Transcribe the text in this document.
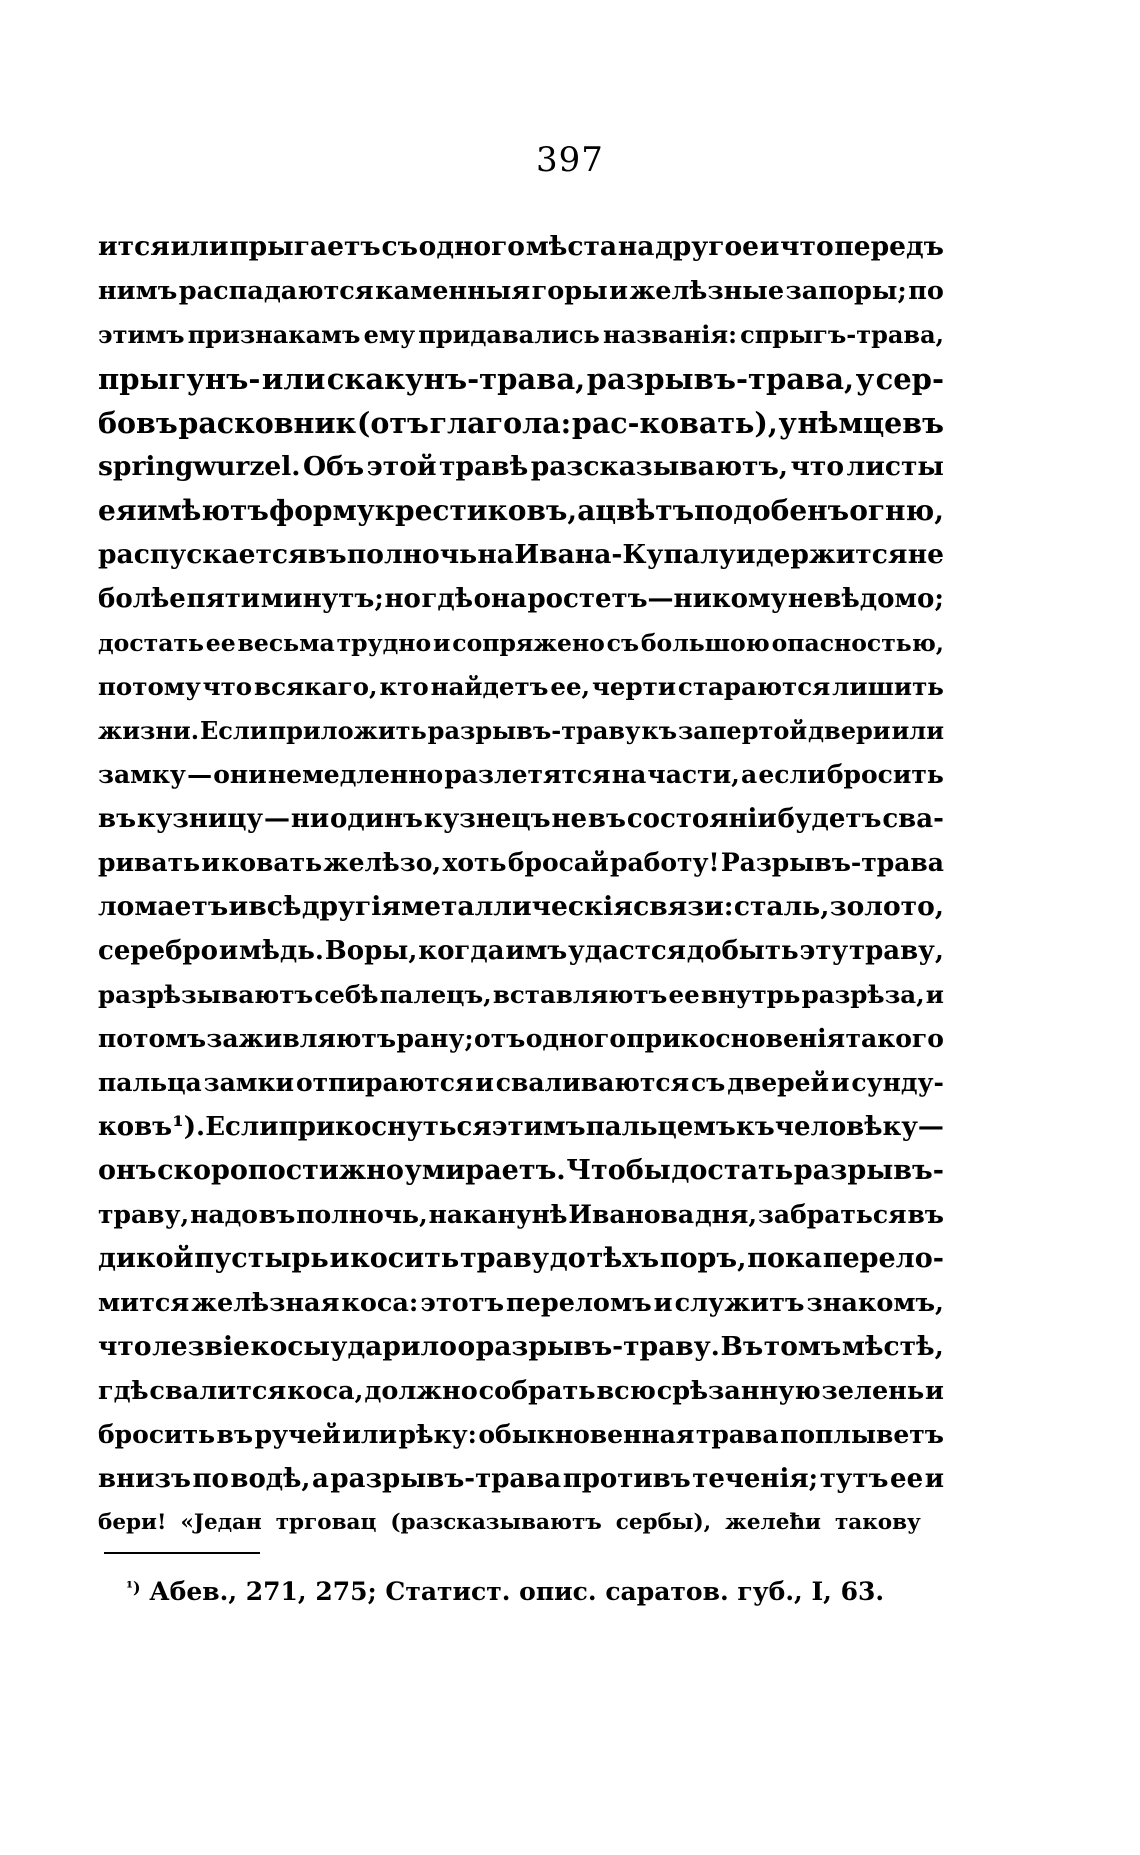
397
ится или прыгаетъ съ одного мѣста на другое и что передъ
нимъ распадаются каменныя горы и желѣзные запоры; по
этимъ признакамъ ему придавались названія: спрыгъ-трава,
прыгунъ- или скакунъ-трава, разрывъ-трава, у сер-
бовъ расковник (отъ глагола: рас-ковать), у нѣмцевъ
springwurzel. Объ этой травѣ разсказываютъ, что листы
ея имѣютъ форму крестиковъ, а цвѣтъ подобенъ огню,
распускается въ полночь на Ивана-Купалу и держится не
болѣе пяти минутъ; но гдѣ она ростетъ—никому невѣдомо;
достать ее весьма трудно и сопряжено съ большою опасностью,
потому что всякаго, кто найдетъ ее, черти стараются лишить
жизни. Если приложить разрывъ-траву къ запертой двери или
замку — они немедленно разлетятся на части, а если бросить
въ кузницу — ни одинъ кузнецъ не въ состояніи будетъ сва-
ривать и ковать желѣзо, хоть бросай работу! Разрывъ-трава
ломаетъ и всѣ другія металлическія связи: сталь, золото,
серебро и мѣдь. Воры, когда имъ удастся добыть эту траву,
разрѣзываютъ себѣ палецъ, вставляютъ ее внутрь разрѣза, и
потомъ заживляютъ рану; отъ одного прикосновенія такого
пальца замки отпираются и сваливаются съ дверей и сунду-
ковъ ¹). Если прикоснуться этимъ пальцемъ къ человѣку—
онъ скоропостижно умираетъ. Чтобы достать разрывъ-
траву, надо въ полночь, наканунѣ Иванова дня, забраться въ
дикой пустырь и косить траву до тѣхъ поръ, пока перело-
мится желѣзная коса: этотъ переломъ и служитъ знакомъ,
что лезвіе косы ударило о разрывъ-траву. Въ томъ мѣстѣ,
гдѣ свалится коса, должно собрать всю срѣзанную зелень и
бросить въ ручей или рѣку: обыкновенная трава поплыветъ
внизъ по водѣ, а разрывъ-трава противъ теченія; тутъ ее и
бери! «Један трговац (разсказываютъ сербы), желеħи такову
$^{^1)}$ Абев., 271, 275; Статист. опис. саратов. губ., I, 63.
